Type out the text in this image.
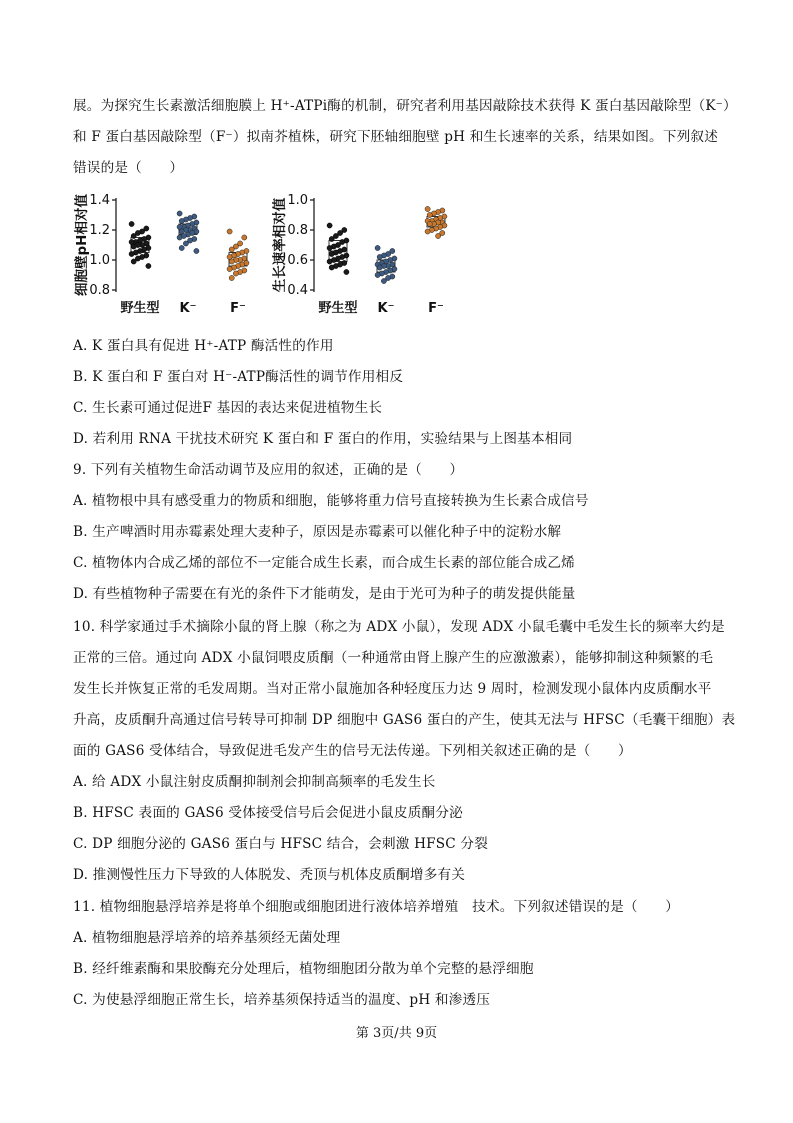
展。为探究生长素激活细胞膜上 H⁺-ATPi酶的机制，研究者利用基因敲除技术获得 K 蛋白基因敲除型（K⁻）
和 F 蛋白基因敲除型（F⁻）拟南芥植株，研究下胚轴细胞壁 pH 和生长速率的关系，结果如图。下列叙述
错误的是（　　）
细胞壁pH相对值 0.8
1.0
1.2
1.4
野生型 K⁻	F⁻
生长速率相对值 0.4
0.6
0.8
1.0
野生型 K⁻	F⁻
A. K 蛋白具有促进 H⁺-ATP 酶活性的作用
B. K 蛋白和 F 蛋白对 H⁻-ATP酶活性的调节作用相反
C. 生长素可通过促进F 基因的表达来促进植物生长
D. 若利用 RNA 干扰技术研究 K 蛋白和 F 蛋白的作用，实验结果与上图基本相同
9. 下列有关植物生命活动调节及应用的叙述，正确的是（　　）
A. 植物根中具有感受重力的物质和细胞，能够将重力信号直接转换为生长素合成信号
B. 生产啤酒时用赤霉素处理大麦种子，原因是赤霉素可以催化种子中的淀粉水解
C. 植物体内合成乙烯的部位不一定能合成生长素，而合成生长素的部位能合成乙烯
D. 有些植物种子需要在有光的条件下才能萌发，是由于光可为种子的萌发提供能量
10. 科学家通过手术摘除小鼠的肾上腺（称之为 ADX 小鼠），发现 ADX 小鼠毛囊中毛发生长的频率大约是
正常的三倍。通过向 ADX 小鼠饲喂皮质酮（一种通常由肾上腺产生的应激激素），能够抑制这种频繁的毛
发生长并恢复正常的毛发周期。当对正常小鼠施加各种轻度压力达 9 周时，检测发现小鼠体内皮质酮水平
升高，皮质酮升高通过信号转导可抑制 DP 细胞中 GAS6 蛋白的产生，使其无法与 HFSC（毛囊干细胞）表
面的 GAS6 受体结合，导致促进毛发产生的信号无法传递。下列相关叙述正确的是（　　）
A. 给 ADX 小鼠注射皮质酮抑制剂会抑制高频率的毛发生长
B. HFSC 表面的 GAS6 受体接受信号后会促进小鼠皮质酮分泌
C. DP 细胞分泌的 GAS6 蛋白与 HFSC 结合，会刺激 HFSC 分裂
D. 推测慢性压力下导致的人体脱发、秃顶与机体皮质酮增多有关
11. 植物细胞悬浮培养是将单个细胞或细胞团进行液体培养增殖　技术。下列叙述错误的是（　　）
A. 植物细胞悬浮培养的培养基须经无菌处理
B. 经纤维素酶和果胶酶充分处理后，植物细胞团分散为单个完整的悬浮细胞
C. 为使悬浮细胞正常生长，培养基须保持适当的温度、pH 和渗透压
第 3页/共 9页
